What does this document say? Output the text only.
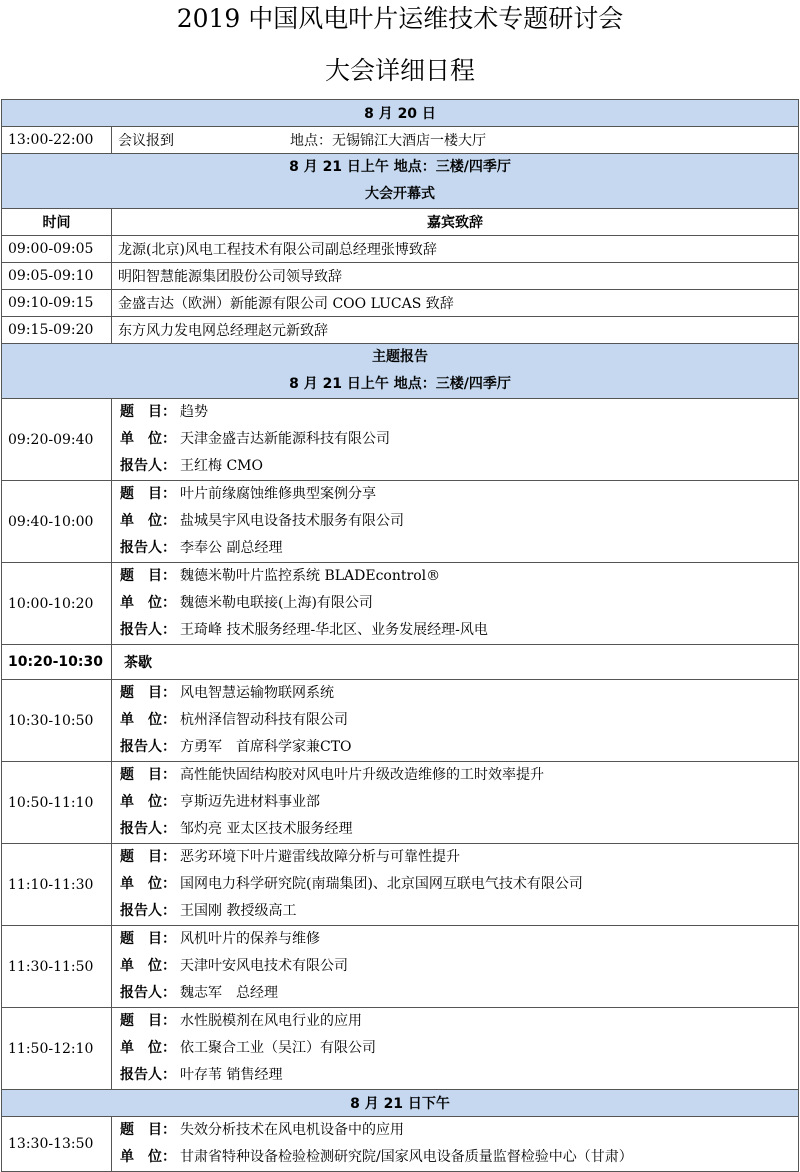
2019 中国风电叶片运维技术专题研讨会
大会详细日程
8 月 20 日	
13:00-22:00	会议报到 地点：无锡锦江大酒店一楼大厅

8 月 21 日上午 地点：三楼/四季厅
大会开幕式	

时间	嘉宾致辞
09:00-09:05	龙源(北京)风电工程技术有限公司副总经理张博致辞
09:05-09:10	明阳智慧能源集团股份公司领导致辞
09:10-09:15	金盛吉达（欧洲）新能源有限公司 COO LUCAS 致辞
09:15-09:20	东方风力发电网总经理赵元新致辞

主题报告
8 月 21 日上午 地点：三楼/四季厅	

09:20-09:40	题　目： 趋势
单　位： 天津金盛吉达新能源科技有限公司
报告人： 王红梅 CMO

09:40-10:00	题　目： 叶片前缘腐蚀维修典型案例分享
单　位： 盐城昊宇风电设备技术服务有限公司
报告人： 李奉公 副总经理

10:00-10:20	题　目： 魏德米勒叶片监控系统 BLADEcontrol®
单　位： 魏德米勒电联接(上海)有限公司
报告人： 王琦峰 技术服务经理-华北区、业务发展经理-风电

10:20-10:30	茶歇
10:30-10:50	题　目： 风电智慧运输物联网系统
单　位： 杭州泽信智动科技有限公司
报告人： 方勇军　首席科学家兼CTO

10:50-11:10	题　目： 高性能快固结构胶对风电叶片升级改造维修的工时效率提升
单　位： 亨斯迈先进材料事业部
报告人： 邹灼亮 亚太区技术服务经理

11:10-11:30	题　目： 恶劣环境下叶片避雷线故障分析与可靠性提升
单　位： 国网电力科学研究院(南瑞集团)、北京国网互联电气技术有限公司
报告人： 王国刚 教授级高工

11:30-11:50	题　目： 风机叶片的保养与维修
单　位： 天津叶安风电技术有限公司
报告人： 魏志军　总经理

11:50-12:10	题　目： 水性脱模剂在风电行业的应用
单　位： 依工聚合工业（吴江）有限公司
报告人： 叶存苇 销售经理

8 月 21 日下午	
13:30-13:50	题　目： 失效分析技术在风电机设备中的应用
单　位： 甘肃省特种设备检验检测研究院/国家风电设备质量监督检验中心（甘肃）
